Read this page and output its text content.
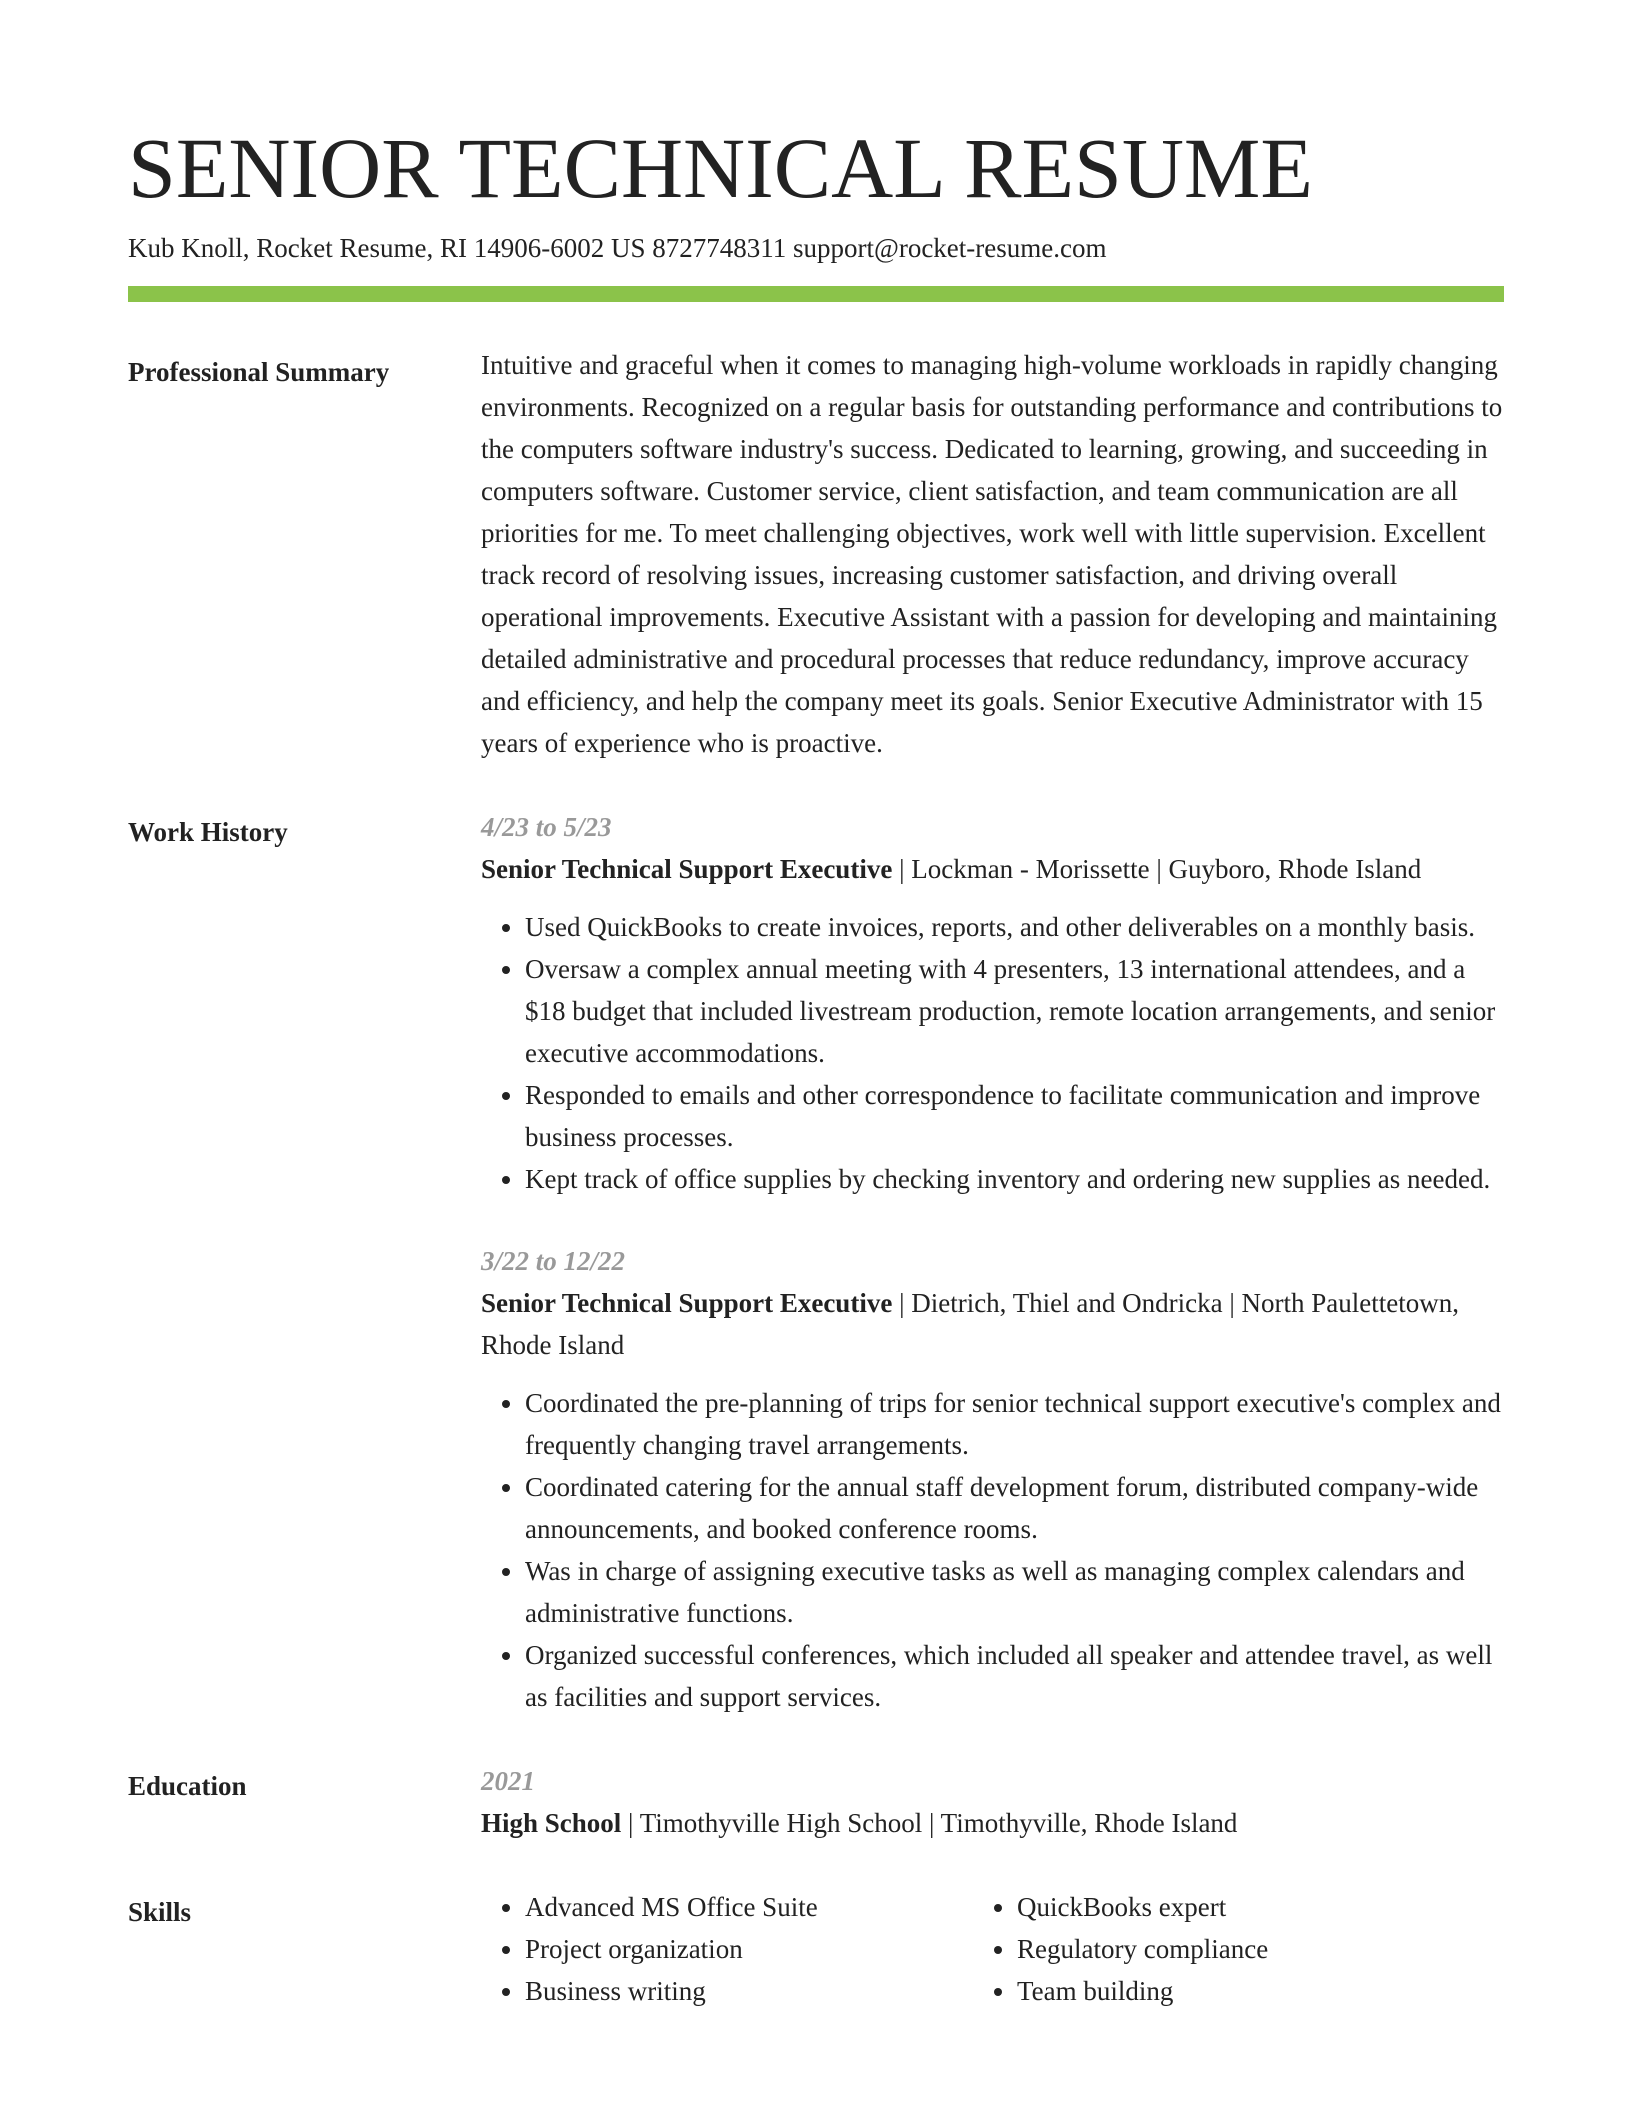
SENIOR TECHNICAL RESUME
Kub Knoll, Rocket Resume, RI 14906-6002 US 8727748311 support@rocket-resume.com
Professional Summary	Intuitive and graceful when it comes to managing high-volume workloads in rapidly changing environments. Recognized on a regular basis for outstanding performance and contributions to the computers software industry's success. Dedicated to learning, growing, and succeeding in computers software. Customer service, client satisfaction, and team communication are all priorities for me. To meet challenging objectives, work well with little supervision. Excellent track record of resolving issues, increasing customer satisfaction, and driving overall operational improvements. Executive Assistant with a passion for developing and maintaining detailed administrative and procedural processes that reduce redundancy, improve accuracy and efficiency, and help the company meet its goals. Senior Executive Administrator with 15 years of experience who is proactive.

Work History	4/23 to 5/23

Senior Technical Support Executive | Lockman - Morissette | Guyboro, Rhode Island

• Used QuickBooks to create invoices, reports, and other deliverables on a monthly basis.
• Oversaw a complex annual meeting with 4 presenters, 13 international attendees, and a $18 budget that included livestream production, remote location arrangements, and senior executive accommodations.
• Responded to emails and other correspondence to facilitate communication and improve business processes.
• Kept track of office supplies by checking inventory and ordering new supplies as needed.
3/22 to 12/22

Senior Technical Support Executive | Dietrich, Thiel and Ondricka | North Paulettetown, Rhode Island

• Coordinated the pre-planning of trips for senior technical support executive's complex and frequently changing travel arrangements.
• Coordinated catering for the annual staff development forum, distributed company-wide announcements, and booked conference rooms.
• Was in charge of assigning executive tasks as well as managing complex calendars and administrative functions.
• Organized successful conferences, which included all speaker and attendee travel, as well as facilities and support services.
Education	2021

High School | Timothyville High School | Timothyville, Rhode Island

Skills
•	Advanced MS Office Suite
• Project organization
• Business writing
• QuickBooks expert
• Regulatory compliance
• Team building
